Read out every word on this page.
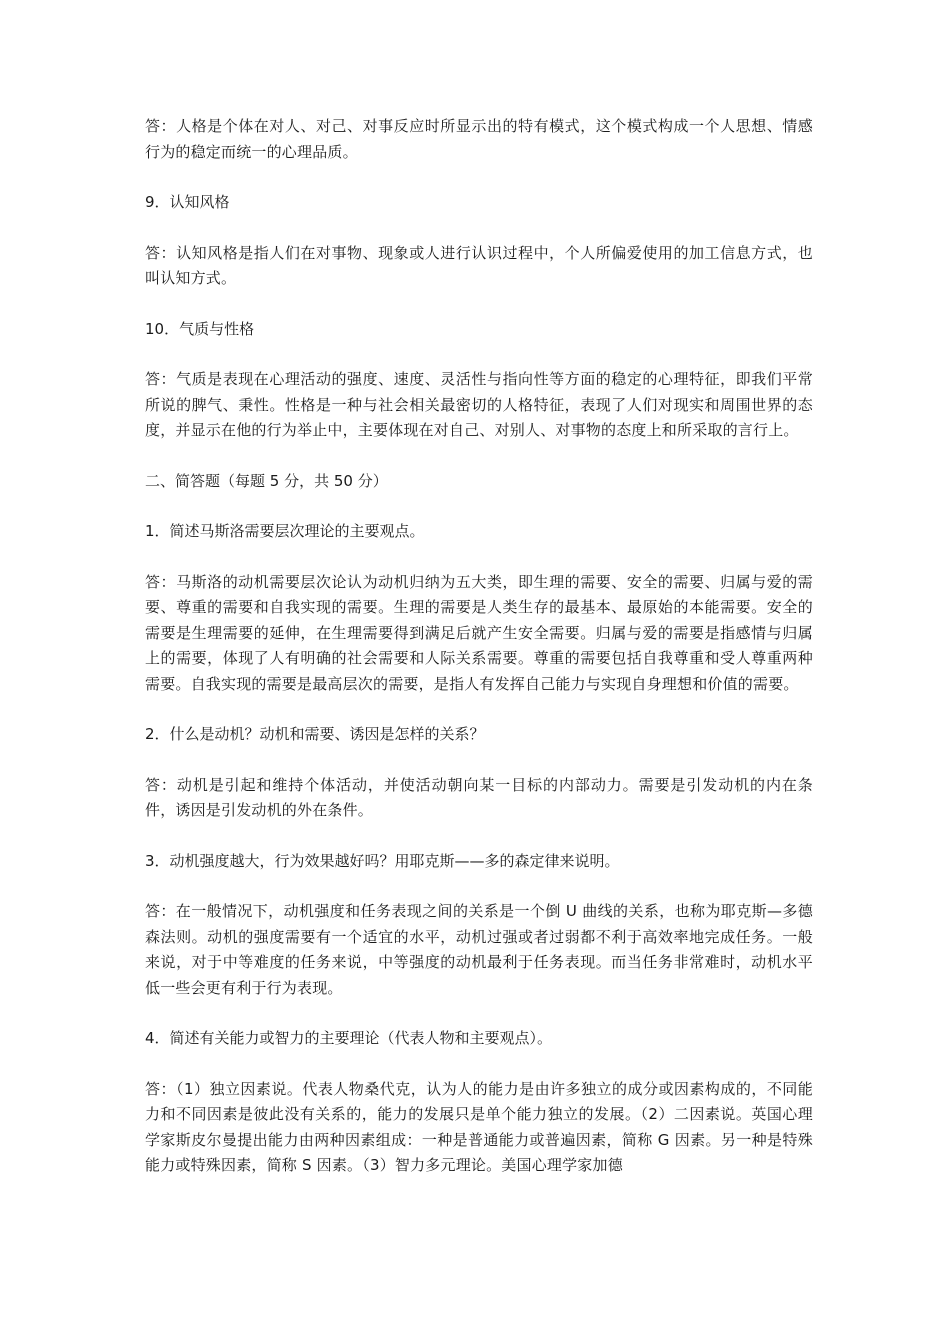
答：人格是个体在对人、对己、对事反应时所显示出的特有模式，这个模式构成一个人思想、情感行为的稳定而统一的心理品质。

9．认知风格

答：认知风格是指人们在对事物、现象或人进行认识过程中，个人所偏爱使用的加工信息方式，也叫认知方式。

10．气质与性格

答：气质是表现在心理活动的强度、速度、灵活性与指向性等方面的稳定的心理特征，即我们平常所说的脾气、秉性。性格是一种与社会相关最密切的人格特征，表现了人们对现实和周围世界的态度，并显示在他的行为举止中，主要体现在对自己、对别人、对事物的态度上和所采取的言行上。

二、简答题（每题 5 分，共 50 分）

1．简述马斯洛需要层次理论的主要观点。

答：马斯洛的动机需要层次论认为动机归纳为五大类，即生理的需要、安全的需要、归属与爱的需要、尊重的需要和自我实现的需要。生理的需要是人类生存的最基本、最原始的本能需要。安全的需要是生理需要的延伸，在生理需要得到满足后就产生安全需要。归属与爱的需要是指感情与归属上的需要，体现了人有明确的社会需要和人际关系需要。尊重的需要包括自我尊重和受人尊重两种需要。自我实现的需要是最高层次的需要，是指人有发挥自己能力与实现自身理想和价值的需要。

2．什么是动机？动机和需要、诱因是怎样的关系？

答：动机是引起和维持个体活动，并使活动朝向某一目标的内部动力。需要是引发动机的内在条件，诱因是引发动机的外在条件。

3．动机强度越大，行为效果越好吗？用耶克斯——多的森定律来说明。

答：在一般情况下，动机强度和任务表现之间的关系是一个倒 U 曲线的关系，也称为耶克斯—多德森法则。动机的强度需要有一个适宜的水平，动机过强或者过弱都不利于高效率地完成任务。一般来说，对于中等难度的任务来说，中等强度的动机最利于任务表现。而当任务非常难时，动机水平低一些会更有利于行为表现。

4．简述有关能力或智力的主要理论（代表人物和主要观点）。

答：（1）独立因素说。代表人物桑代克，认为人的能力是由许多独立的成分或因素构成的，不同能力和不同因素是彼此没有关系的，能力的发展只是单个能力独立的发展。（2）二因素说。英国心理学家斯皮尔曼提出能力由两种因素组成：一种是普通能力或普遍因素，简称 G 因素。另一种是特殊能力或特殊因素，简称 S 因素。（3）智力多元理论。美国心理学家加德
